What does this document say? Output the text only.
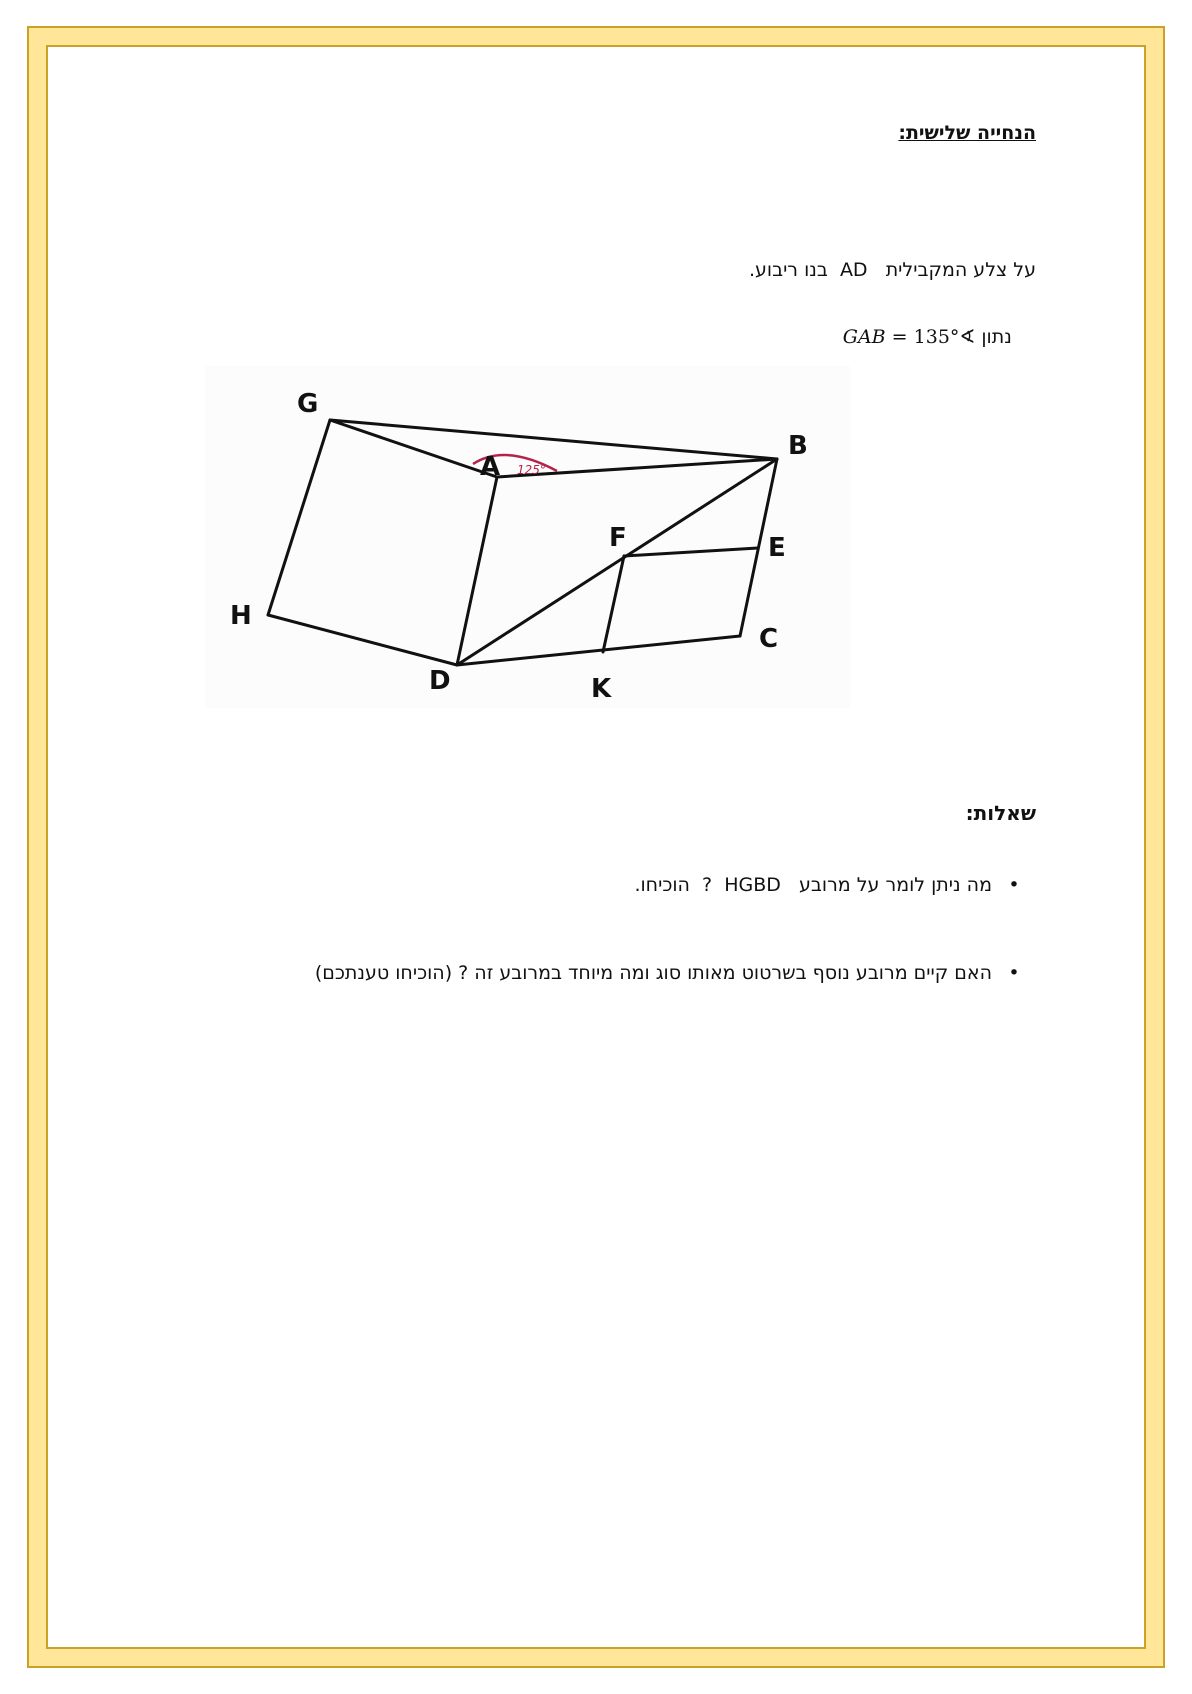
הנחייה שלישית:
על צלע המקבילית   AD  בנו ריבוע.

נתון ∢GAB = 135°

125°
G
A
B
F	E
H
D	K
C
שאלות:
•מה ניתן לומר על מרובע   HGBD  ?  הוכיחו.
•האם קיים מרובע נוסף בשרטוט מאותו סוג ומה מיוחד במרובע זה ? (הוכיחו טענתכם)
